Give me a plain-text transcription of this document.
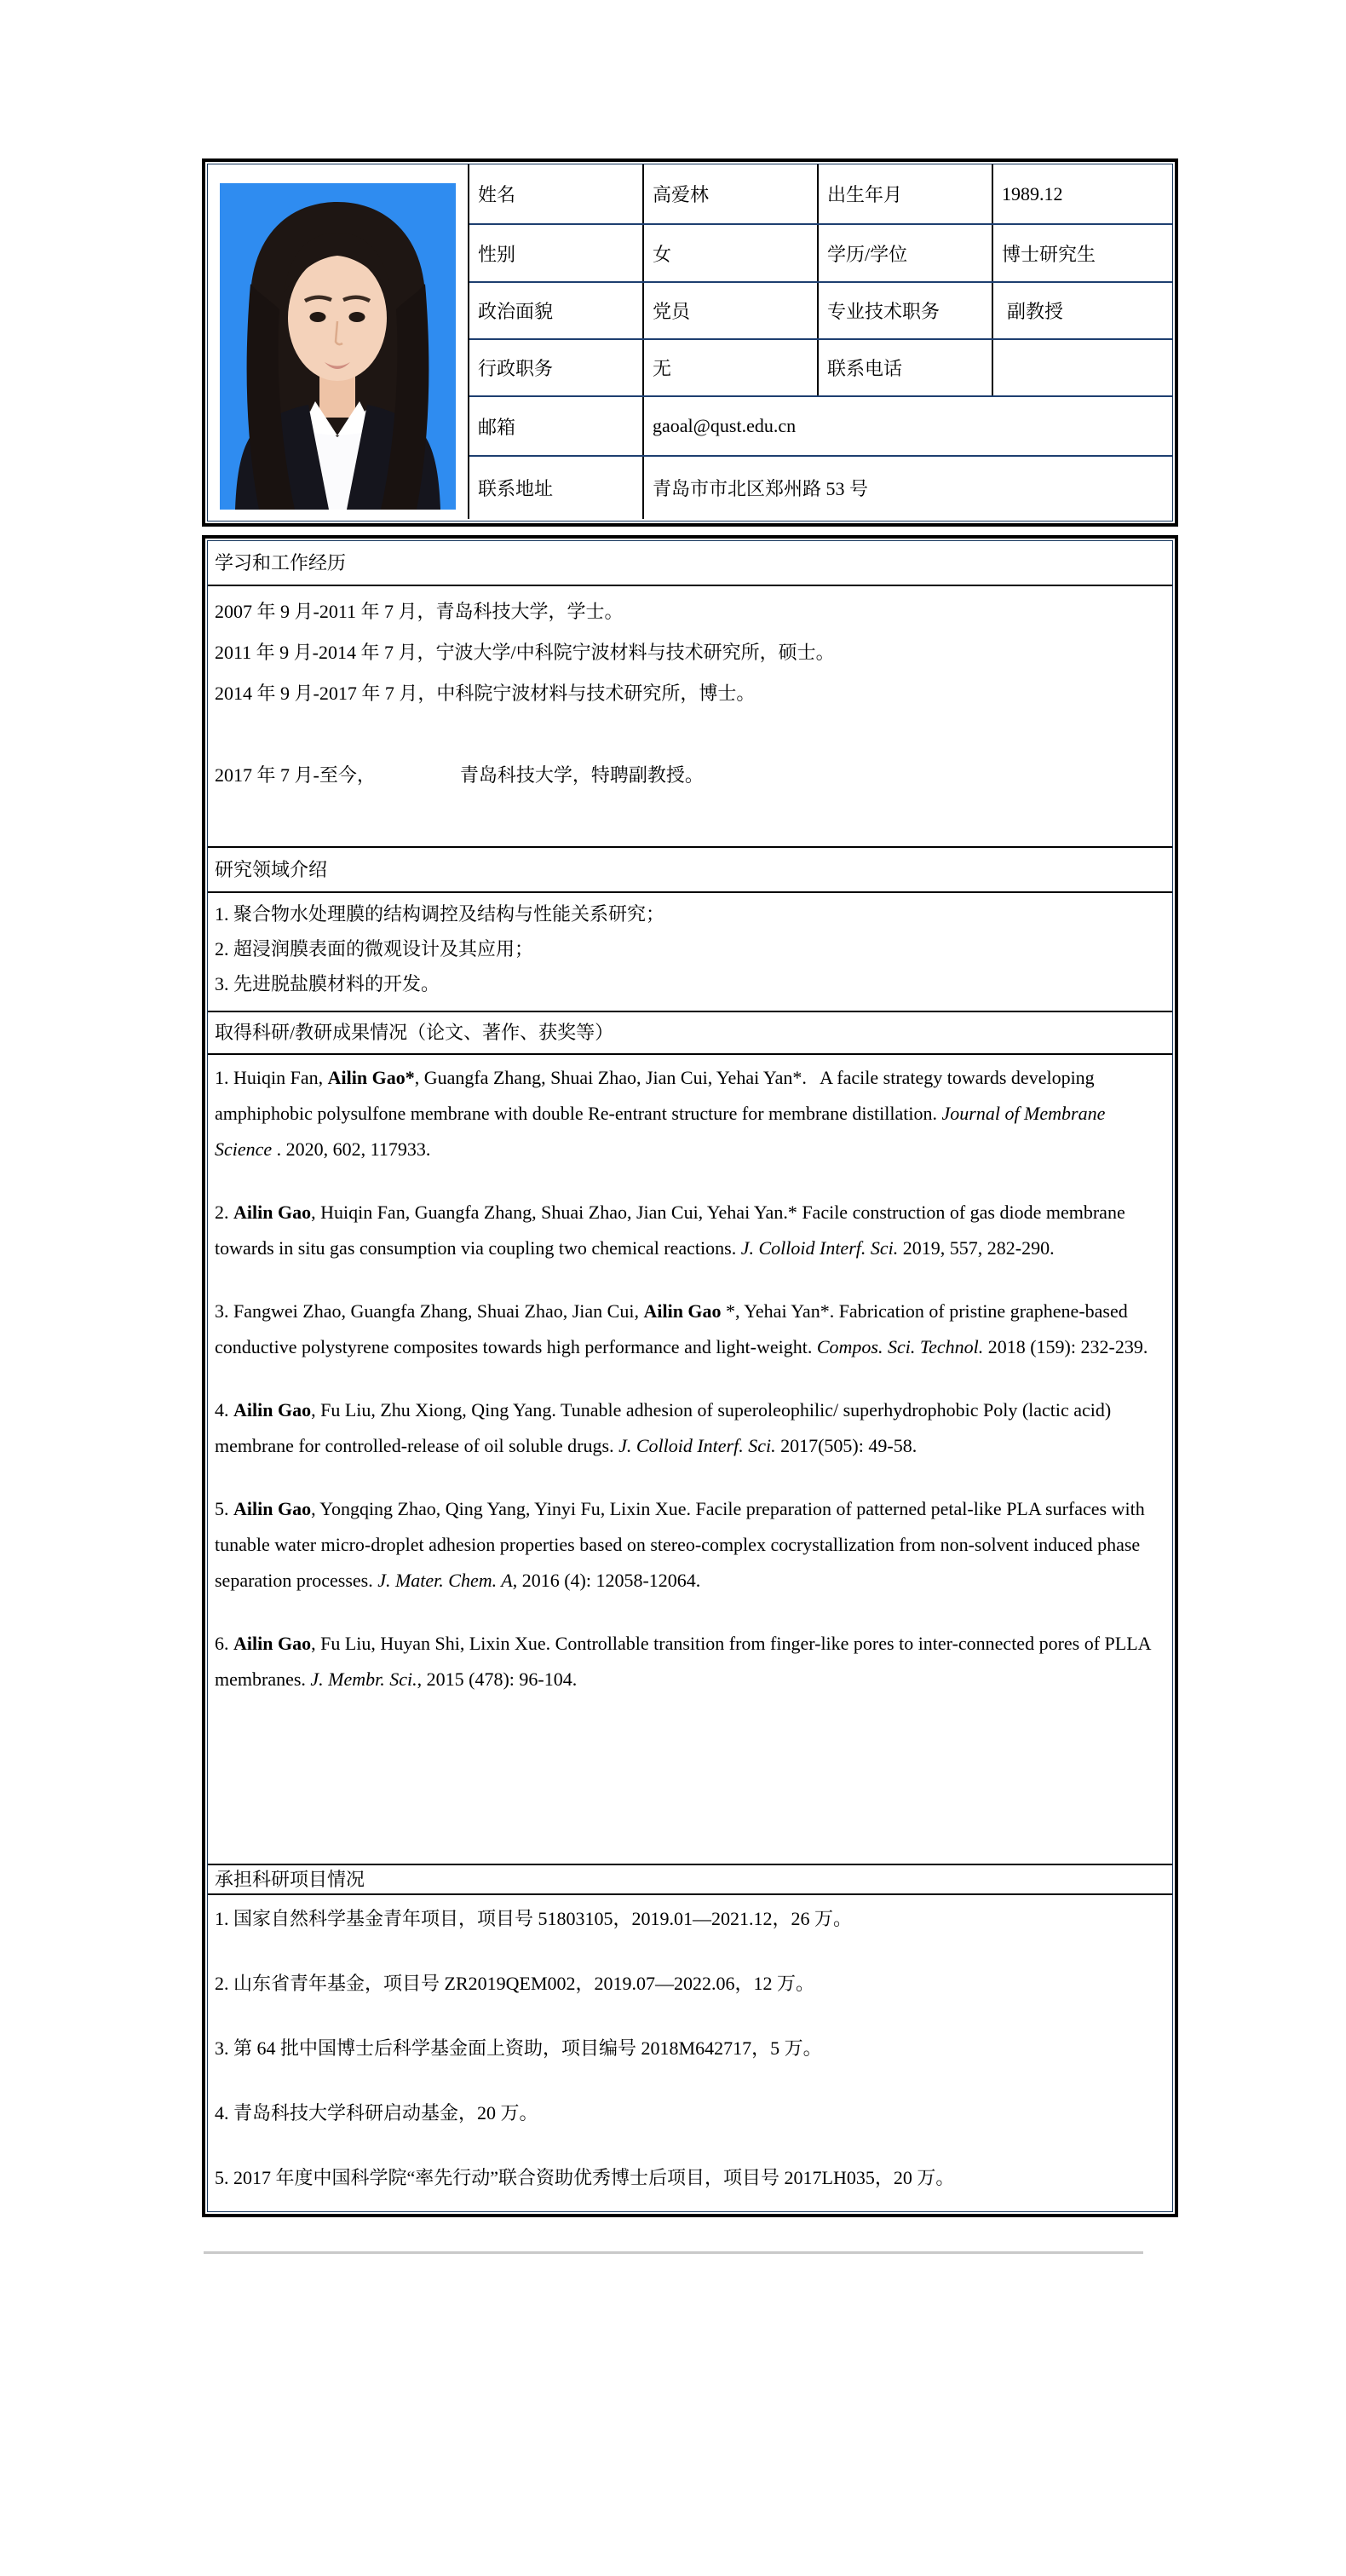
	姓名	高爱林	出生年月	1989.12
	性别	女	学历/学位	博士研究生
	政治面貌	党员	专业技术职务	副教授
	行政职务	无	联系电话	
	邮箱	gaoal@qust.edu.cn		
	联系地址	青岛市市北区郑州路 53 号		
学习和工作经历

2007 年 9 月-2011 年 7 月，青岛科技大学，学士。

2011 年 9 月-2014 年 7 月，宁波大学/中科院宁波材料与技术研究所，硕士。

2014 年 9 月-2017 年 7 月，中科院宁波材料与技术研究所，博士。

2017 年 7 月-至今，　　　　　青岛科技大学，特聘副教授。

研究领域介绍

1. 聚合物水处理膜的结构调控及结构与性能关系研究；

2. 超浸润膜表面的微观设计及其应用；

3. 先进脱盐膜材料的开发。

取得科研/教研成果情况（论文、著作、获奖等）

1. Huiqin Fan, Ailin Gao*, Guangfa Zhang, Shuai Zhao, Jian Cui, Yehai Yan*.   A facile strategy towards developing amphiphobic polysulfone membrane with double Re-entrant structure for membrane distillation. Journal of Membrane Science . 2020, 602, 117933.

2. Ailin Gao, Huiqin Fan, Guangfa Zhang, Shuai Zhao, Jian Cui, Yehai Yan.* Facile construction of gas diode membrane towards in situ gas consumption via coupling two chemical reactions. J. Colloid Interf. Sci. 2019, 557, 282-290.

3. Fangwei Zhao, Guangfa Zhang, Shuai Zhao, Jian Cui, Ailin Gao *, Yehai Yan*. Fabrication of pristine graphene-based conductive polystyrene composites towards high performance and light-weight. Compos. Sci. Technol. 2018 (159): 232-239.

4. Ailin Gao, Fu Liu, Zhu Xiong, Qing Yang. Tunable adhesion of superoleophilic/ superhydrophobic Poly (lactic acid) membrane for controlled-release of oil soluble drugs. J. Colloid Interf. Sci. 2017(505): 49-58.

5. Ailin Gao, Yongqing Zhao, Qing Yang, Yinyi Fu, Lixin Xue. Facile preparation of patterned petal-like PLA surfaces with tunable water micro-droplet adhesion properties based on stereo-complex cocrystallization from non-solvent induced phase separation processes. J. Mater. Chem. A, 2016 (4): 12058-12064.

6. Ailin Gao, Fu Liu, Huyan Shi, Lixin Xue. Controllable transition from finger-like pores to inter-connected pores of PLLA membranes. J. Membr. Sci., 2015 (478): 96-104.

承担科研项目情况

1. 国家自然科学基金青年项目，项目号 51803105，2019.01—2021.12，26 万。

2. 山东省青年基金，项目号 ZR2019QEM002，2019.07—2022.06，12 万。

3. 第 64 批中国博士后科学基金面上资助，项目编号 2018M642717，5 万。

4. 青岛科技大学科研启动基金，20 万。

5. 2017 年度中国科学院“率先行动”联合资助优秀博士后项目，项目号 2017LH035，20 万。
